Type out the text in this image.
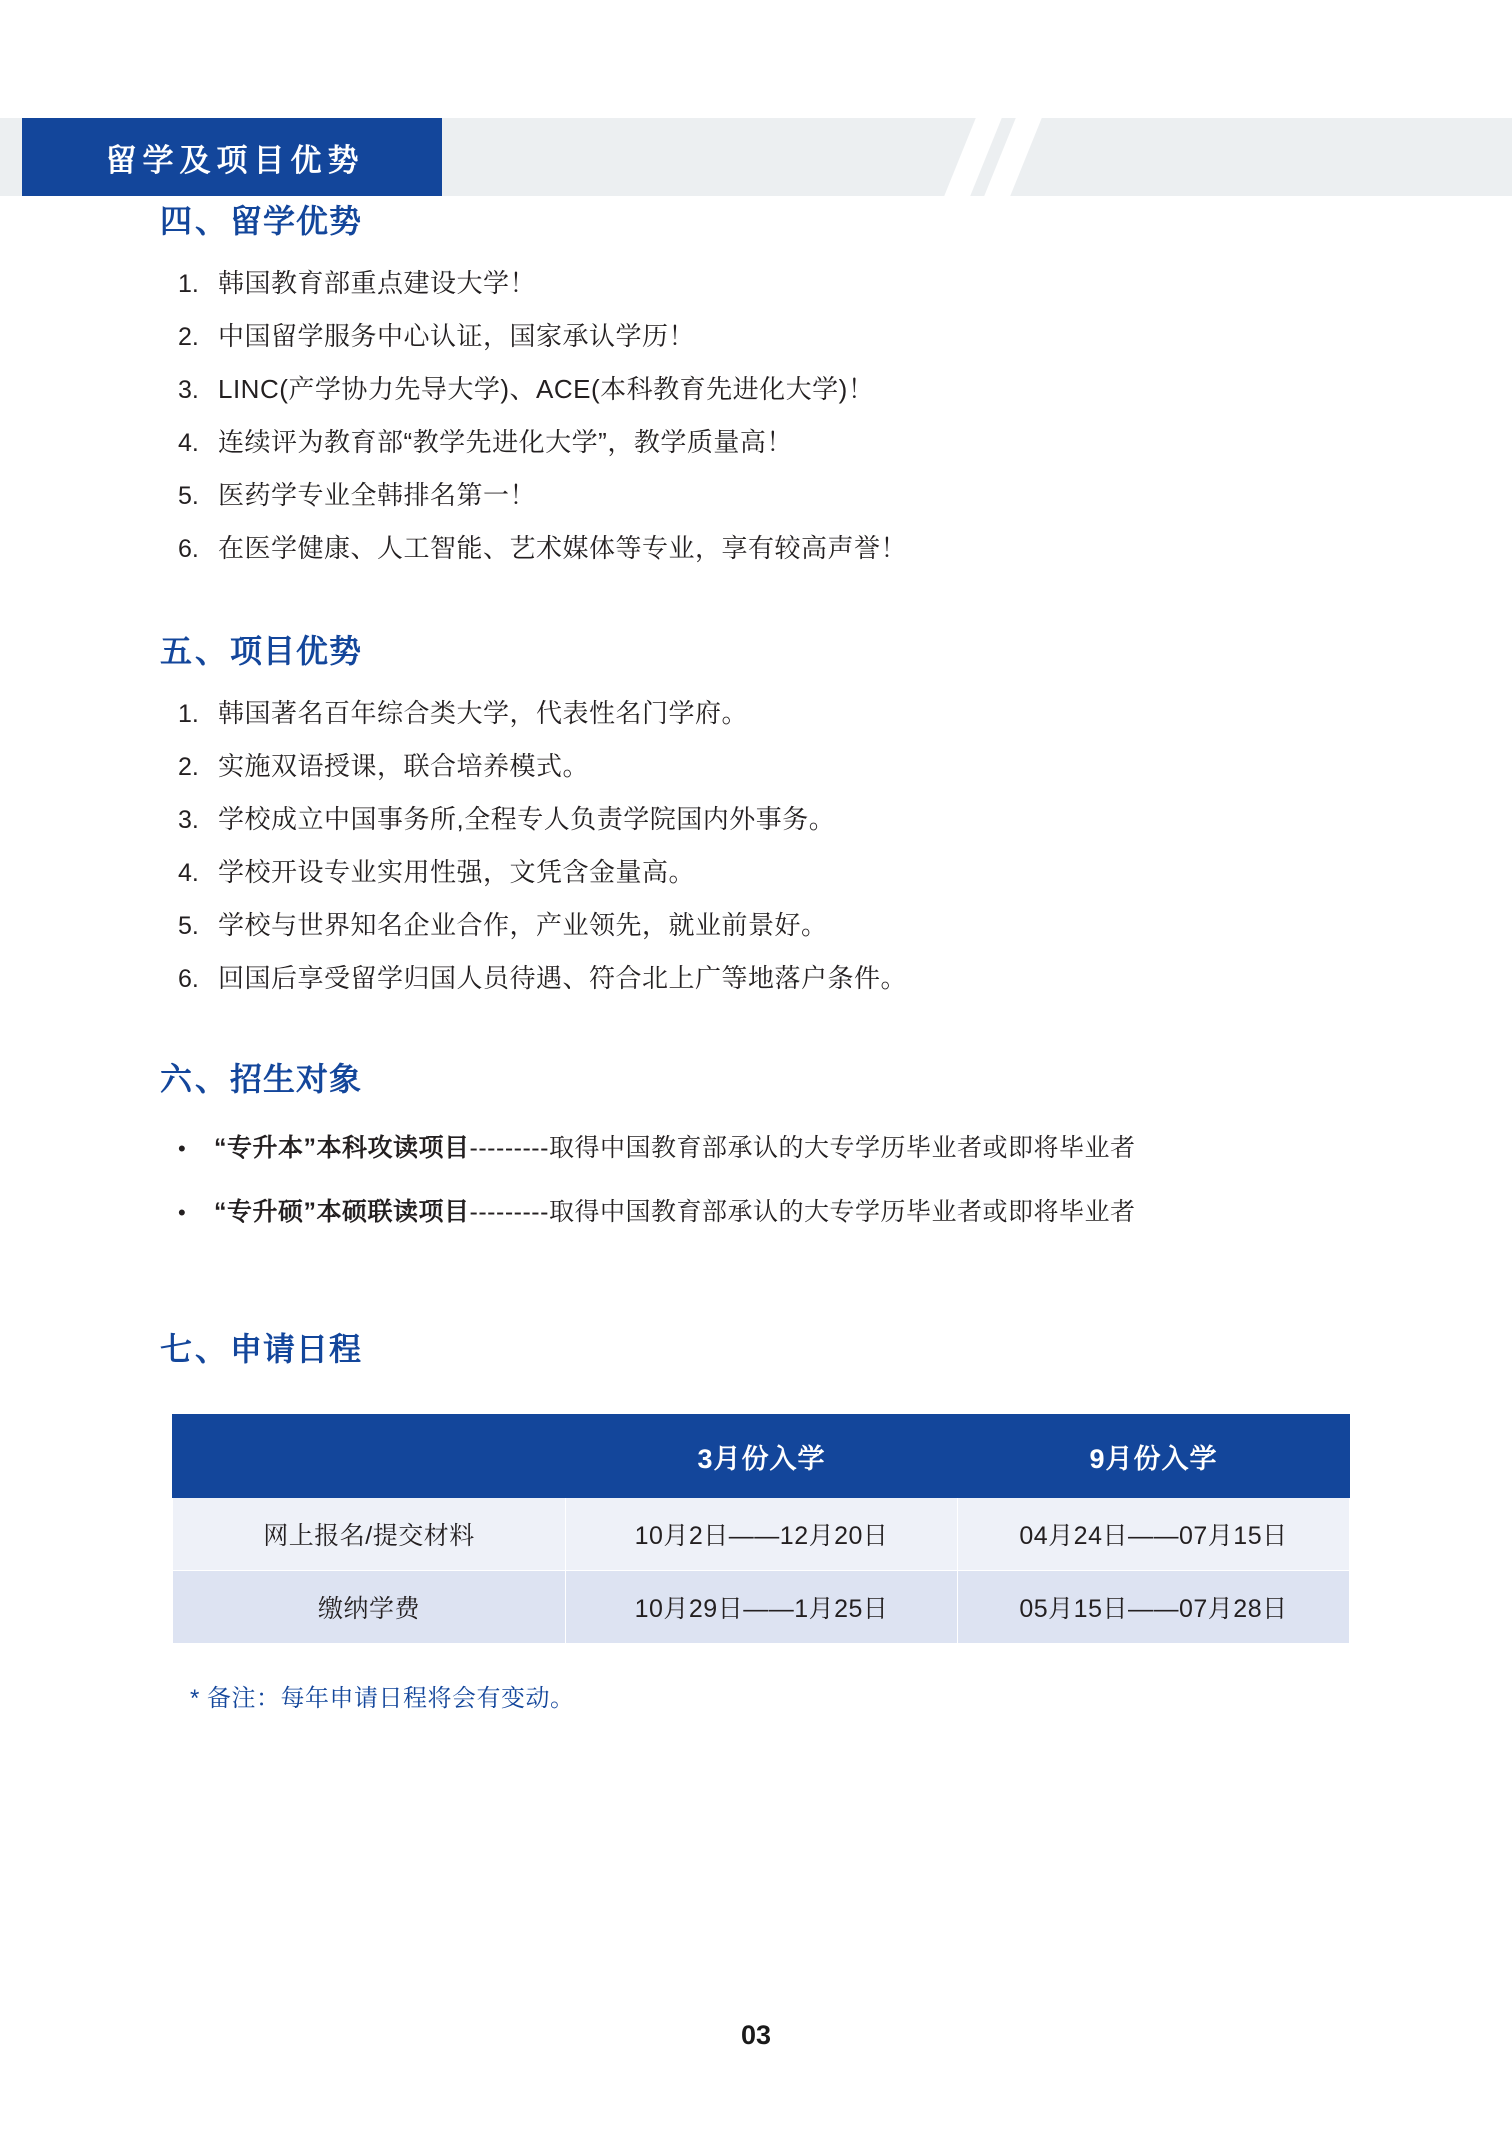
留学及项目优势
四、留学优势
1. 韩国教育部重点建设大学！
2. 中国留学服务中心认证，国家承认学历！
3. LINC(产学协力先导大学)、ACE(本科教育先进化大学)！
4. 连续评为教育部“教学先进化大学”，教学质量高！
5. 医药学专业全韩排名第一！
6. 在医学健康、人工智能、艺术媒体等专业，享有较高声誉！
五、项目优势
1. 韩国著名百年综合类大学，代表性名门学府。
2. 实施双语授课，联合培养模式。
3. 学校成立中国事务所,全程专人负责学院国内外事务。
4. 学校开设专业实用性强，文凭含金量高。
5. 学校与世界知名企业合作，产业领先，就业前景好。
6. 回国后享受留学归国人员待遇、符合北上广等地落户条件。
六、招生对象
•	“专升本”本科攻读项目---------取得中国教育部承认的大专学历毕业者或即将毕业者
•	“专升硕”本硕联读项目---------取得中国教育部承认的大专学历毕业者或即将毕业者
七、申请日程
	3月份入学	9月份入学
网上报名/提交材料	10月2日——12月20日	04月24日——07月15日
缴纳学费	10月29日——1月25日	05月15日——07月28日
* 备注：每年申请日程将会有变动。
03
